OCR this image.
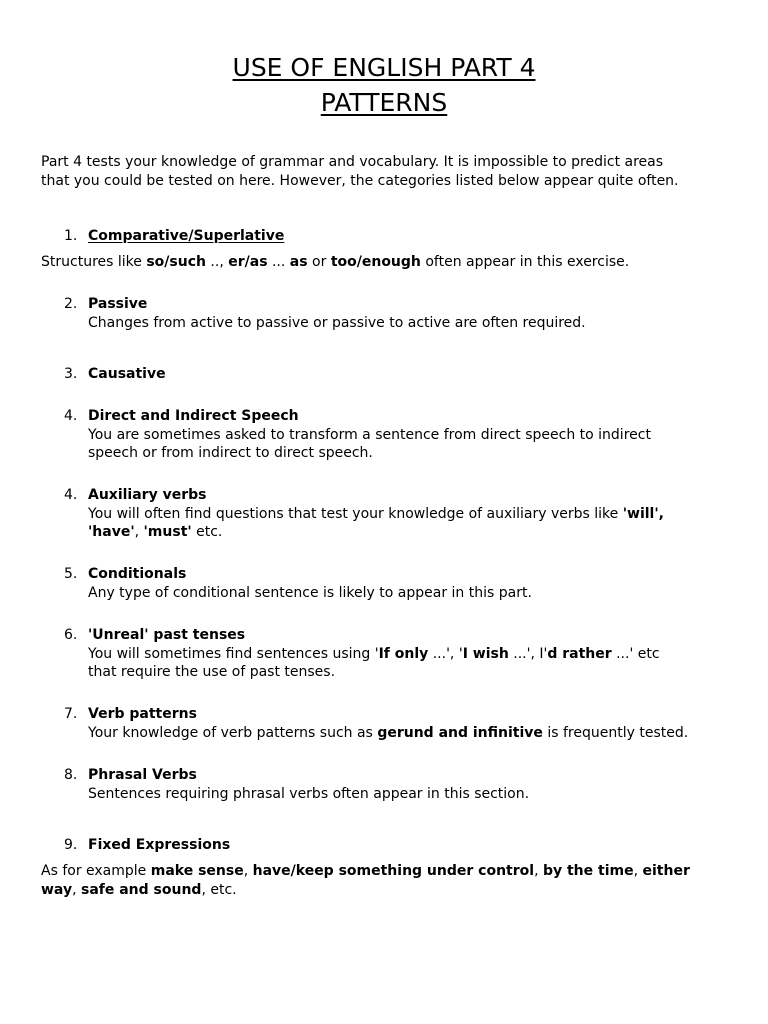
USE OF ENGLISH PART 4
PATTERNS
Part 4 tests your knowledge of grammar and vocabulary. It is impossible to predict areas
that you could be tested on here. However, the categories listed below appear quite often.
1. Comparative/Superlative
Structures like so/such .., er/as ... as or too/enough often appear in this exercise.
2. Passive
Changes from active to passive or passive to active are often required.
3. Causative
4. Direct and Indirect Speech
You are sometimes asked to transform a sentence from direct speech to indirect
speech or from indirect to direct speech.
4. Auxiliary verbs
You will often find questions that test your knowledge of auxiliary verbs like 'will',
'have', 'must' etc.
5. Conditionals
Any type of conditional sentence is likely to appear in this part.
6. 'Unreal' past tenses
You will sometimes find sentences using 'If only ...', 'I wish ...', I'd rather ...' etc
that require the use of past tenses.
7. Verb patterns
Your knowledge of verb patterns such as gerund and infinitive is frequently tested.
8. Phrasal Verbs
Sentences requiring phrasal verbs often appear in this section.
9. Fixed Expressions
As for example make sense, have/keep something under control, by the time, either
way, safe and sound, etc.
